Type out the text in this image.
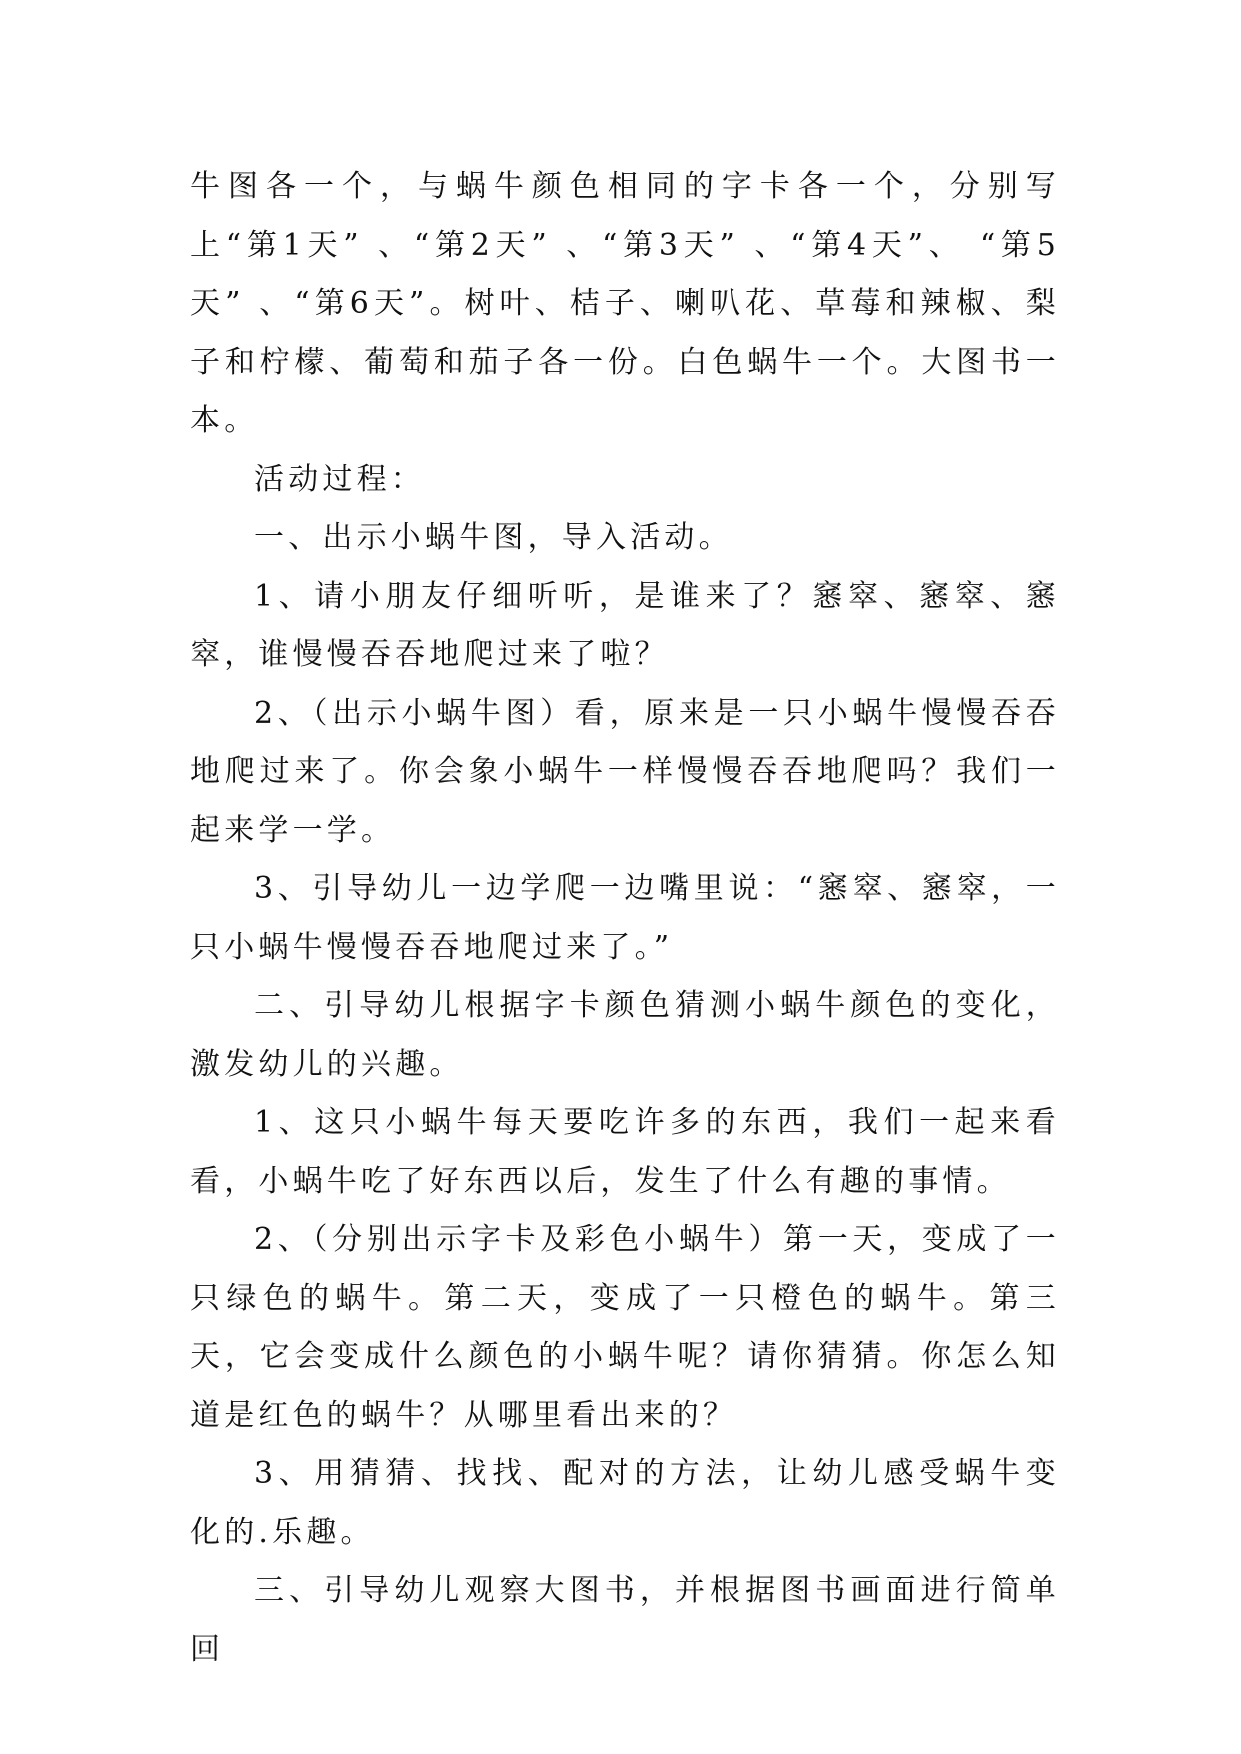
牛图各一个，与蜗牛颜色相同的字卡各一个，分别写上“第1天” 、“第2天” 、“第3天” 、“第4天”、 “第5天” 、“第6天”。树叶、桔子、喇叭花、草莓和辣椒、梨子和柠檬、葡萄和茄子各一份。白色蜗牛一个。大图书一本。

活动过程：

一、出示小蜗牛图，导入活动。

1、请小朋友仔细听听，是谁来了？窸窣、窸窣、窸窣，谁慢慢吞吞地爬过来了啦？

2、（出示小蜗牛图）看，原来是一只小蜗牛慢慢吞吞地爬过来了。你会象小蜗牛一样慢慢吞吞地爬吗？我们一起来学一学。

3、引导幼儿一边学爬一边嘴里说：“窸窣、窸窣，一只小蜗牛慢慢吞吞地爬过来了。”

二、引导幼儿根据字卡颜色猜测小蜗牛颜色的变化，激发幼儿的兴趣。

1、这只小蜗牛每天要吃许多的东西，我们一起来看看，小蜗牛吃了好东西以后，发生了什么有趣的事情。

2、（分别出示字卡及彩色小蜗牛）第一天，变成了一只绿色的蜗牛。第二天，变成了一只橙色的蜗牛。第三天，它会变成什么颜色的小蜗牛呢？请你猜猜。你怎么知道是红色的蜗牛？从哪里看出来的？

3、用猜猜、找找、配对的方法，让幼儿感受蜗牛变化的.乐趣。

三、引导幼儿观察大图书，并根据图书画面进行简单回
